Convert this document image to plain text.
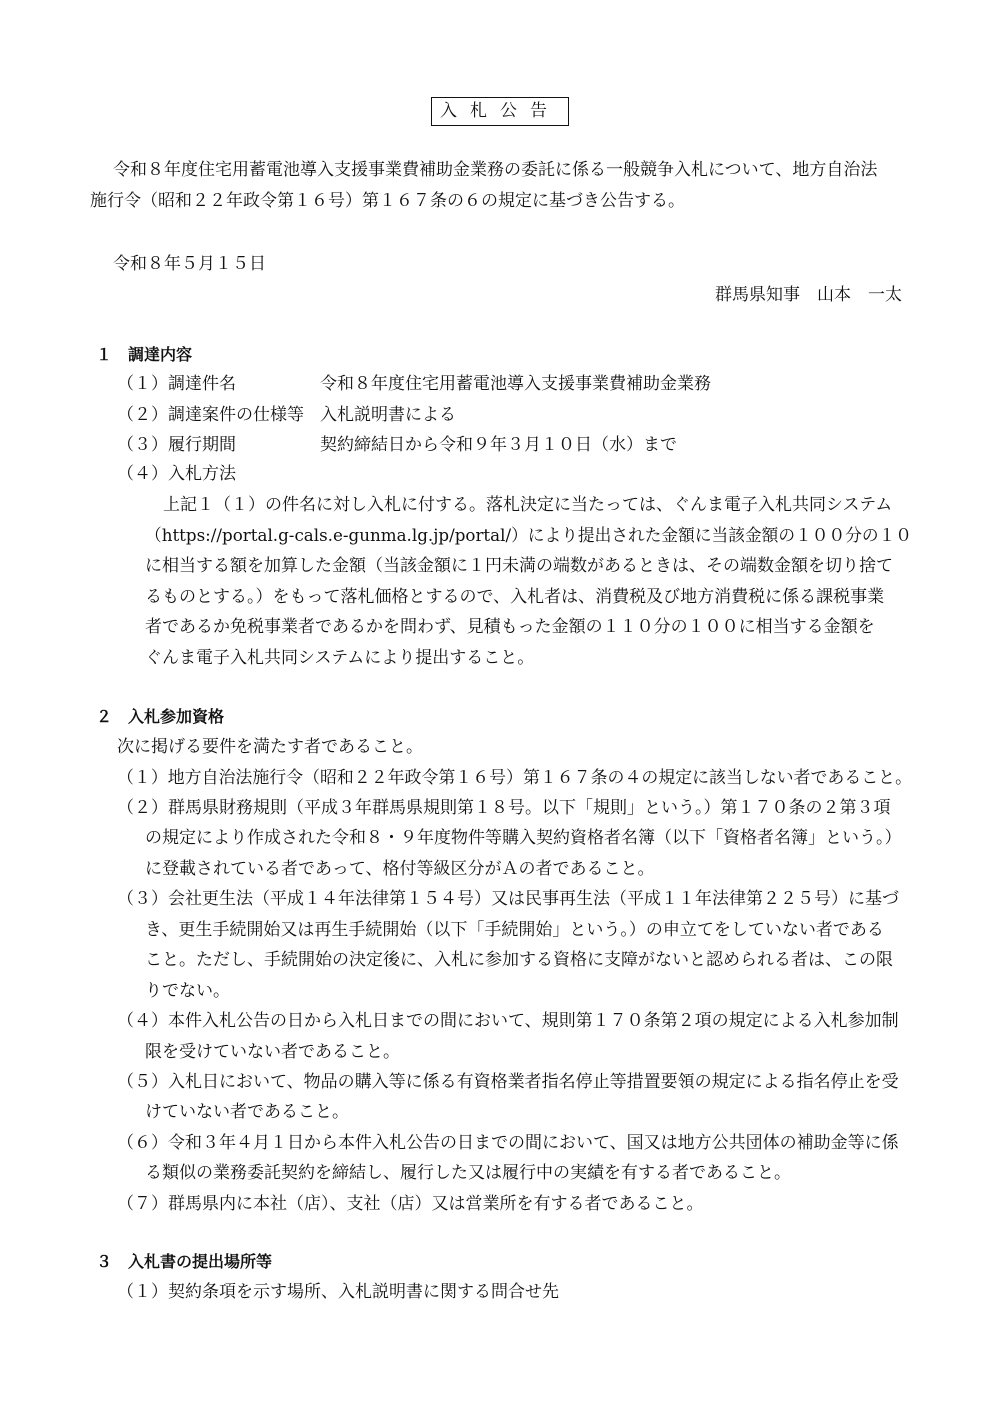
入札公告
令和８年度住宅用蓄電池導入支援事業費補助金業務の委託に係る一般競争入札について、地方自治法
施行令（昭和２２年政令第１６号）第１６７条の６の規定に基づき公告する。
令和８年５月１５日
群馬県知事　山本　一太
１　調達内容
（１）調達件名	令和８年度住宅用蓄電池導入支援事業費補助金業務
（２）調達案件の仕様等 入札説明書による
（３）履行期間	契約締結日から令和９年３月１０日（水）まで
（４）入札方法
上記１（１）の件名に対し入札に付する。落札決定に当たっては、ぐんま電子入札共同システム
（https://portal.g-cals.e-gunma.lg.jp/portal/）により提出された金額に当該金額の１００分の１０
に相当する額を加算した金額（当該金額に１円未満の端数があるときは、その端数金額を切り捨て
るものとする。）をもって落札価格とするので、入札者は、消費税及び地方消費税に係る課税事業
者であるか免税事業者であるかを問わず、見積もった金額の１１０分の１００に相当する金額を
ぐんま電子入札共同システムにより提出すること。
２　入札参加資格
次に掲げる要件を満たす者であること。
（１）地方自治法施行令（昭和２２年政令第１６号）第１６７条の４の規定に該当しない者であること。
（２）群馬県財務規則（平成３年群馬県規則第１８号。以下「規則」という。）第１７０条の２第３項
の規定により作成された令和８・９年度物件等購入契約資格者名簿（以下「資格者名簿」という。）
に登載されている者であって、格付等級区分がＡの者であること。
（３）会社更生法（平成１４年法律第１５４号）又は民事再生法（平成１１年法律第２２５号）に基づ
き、更生手続開始又は再生手続開始（以下「手続開始」という。）の申立てをしていない者である
こと。ただし、手続開始の決定後に、入札に参加する資格に支障がないと認められる者は、この限
りでない。
（４）本件入札公告の日から入札日までの間において、規則第１７０条第２項の規定による入札参加制
限を受けていない者であること。
（５）入札日において、物品の購入等に係る有資格業者指名停止等措置要領の規定による指名停止を受
けていない者であること。
（６）令和３年４月１日から本件入札公告の日までの間において、国又は地方公共団体の補助金等に係
る類似の業務委託契約を締結し、履行した又は履行中の実績を有する者であること。
（７）群馬県内に本社（店）、支社（店）又は営業所を有する者であること。
３　入札書の提出場所等
（１）契約条項を示す場所、入札説明書に関する問合せ先
